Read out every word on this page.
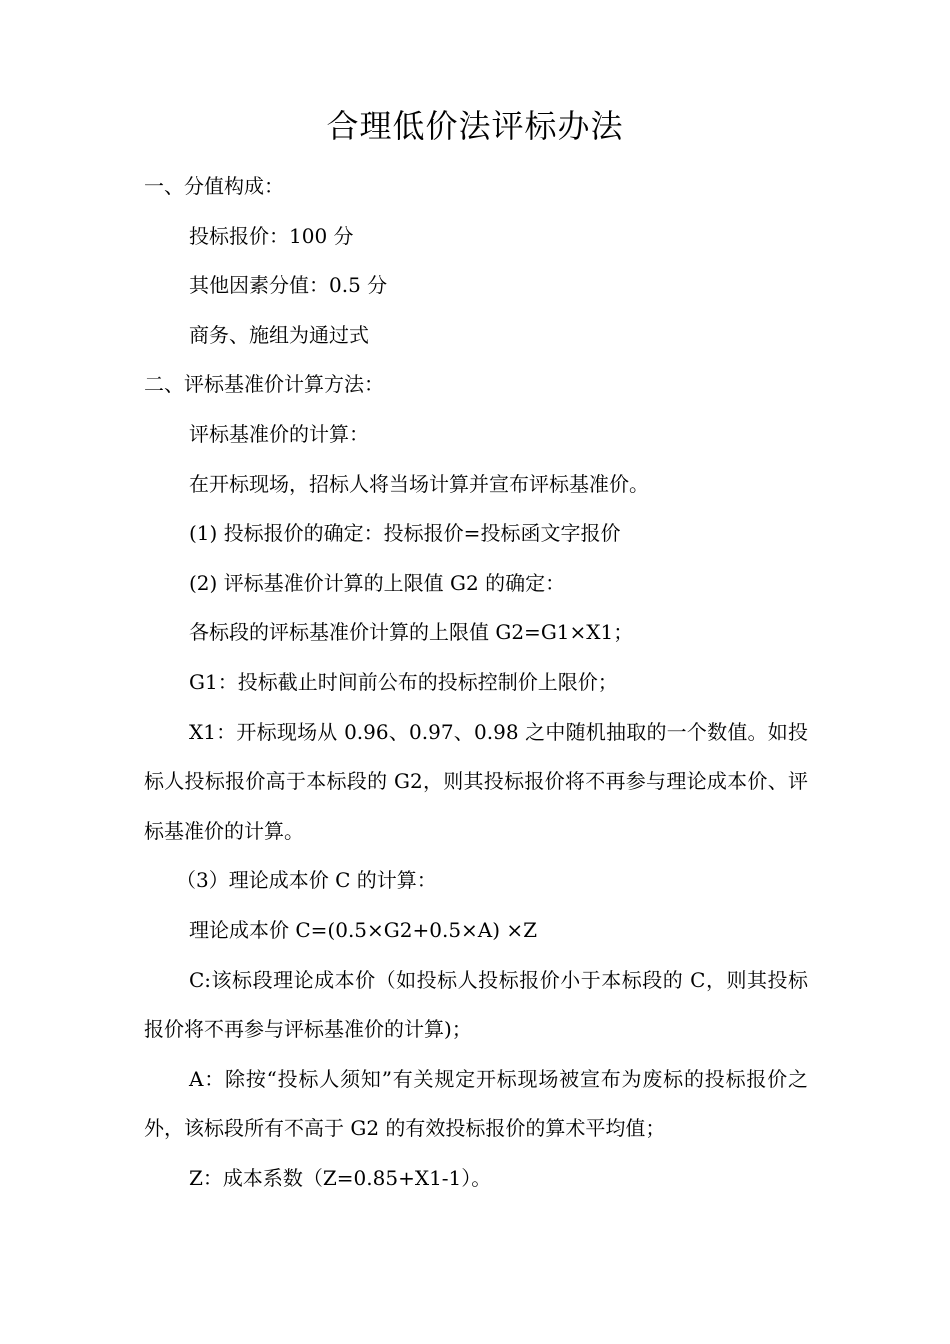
合理低价法评标办法

一、分值构成：

投标报价：100 分

其他因素分值：0.5 分

商务、施组为通过式

二、评标基准价计算方法：

评标基准价的计算：

在开标现场，招标人将当场计算并宣布评标基准价。

(1) 投标报价的确定：投标报价=投标函文字报价

(2) 评标基准价计算的上限值 G2 的确定：

各标段的评标基准价计算的上限值 G2=G1×X1；

G1：投标截止时间前公布的投标控制价上限价；

X1：开标现场从 0.96、0.97、0.98 之中随机抽取的一个数值。如投标人投标报价高于本标段的 G2，则其投标报价将不再参与理论成本价、评标基准价的计算。

（3）理论成本价 C 的计算：

理论成本价 C=(0.5×G2+0.5×A) ×Z

C:该标段理论成本价（如投标人投标报价小于本标段的 C，则其投标报价将不再参与评标基准价的计算)；

A：除按“投标人须知”有关规定开标现场被宣布为废标的投标报价之外，该标段所有不高于 G2 的有效投标报价的算术平均值；

Z：成本系数（Z=0.85+X1-1）。
